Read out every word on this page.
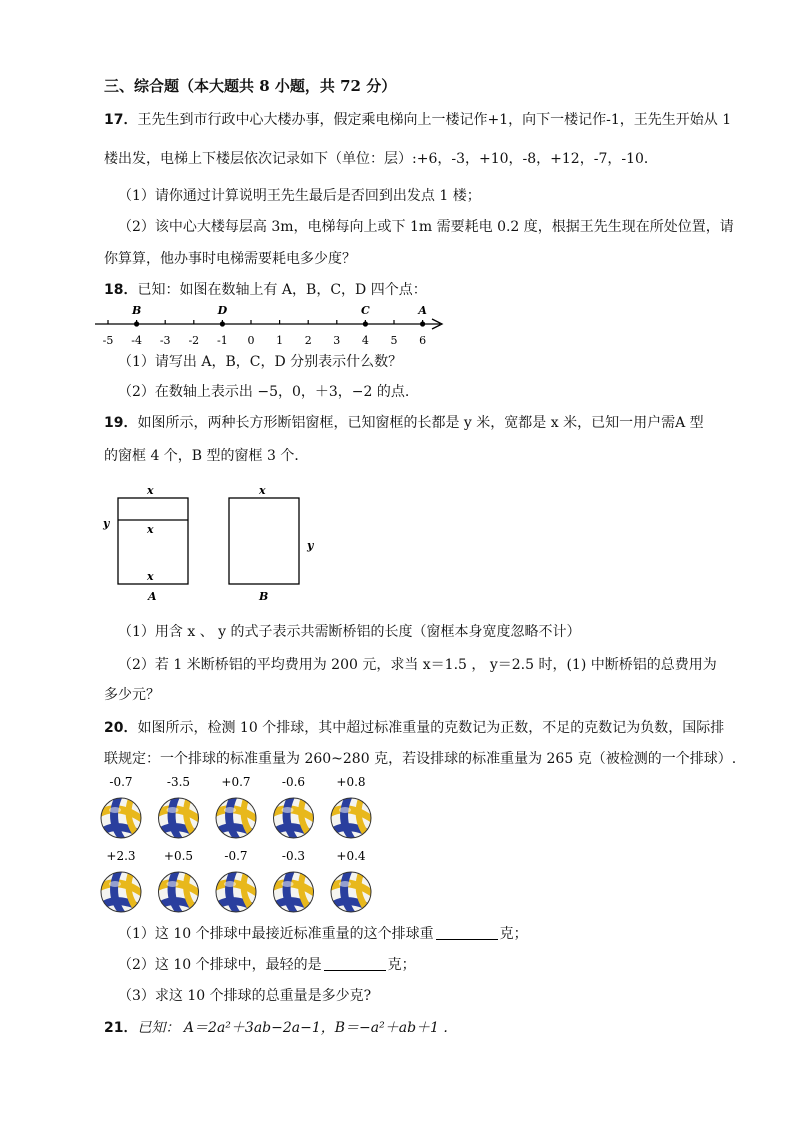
三、综合题（本大题共 8 小题，共 72 分）
17．王先生到市行政中心大楼办事，假定乘电梯向上一楼记作+1，向下一楼记作-1，王先生开始从 1
楼出发，电梯上下楼层依次记录如下（单位：层）:+6，-3，+10，-8，+12，-7，-10．
（1）请你通过计算说明王先生最后是否回到出发点 1 楼；
（2）该中心大楼每层高 3m，电梯每向上或下 1m 需要耗电 0.2 度，根据王先生现在所处位置，请
你算算，他办事时电梯需要耗电多少度？
18．已知：如图在数轴上有 A，B，C，D 四个点：
-5 -4 -3 -2 -1 0 1 2 3 4 5 6
B	D	C	A
（1）请写出 A，B，C，D 分别表示什么数？
（2）在数轴上表示出 −5，0，＋3，−2 的点.
19．如图所示，两种长方形断铝窗框，已知窗框的长都是 y 米，宽都是 x 米，已知一用户需A 型
的窗框 4 个，B 型的窗框 3 个．
x
x
x
y
A
x
y
B
（1）用含 x 、 y 的式子表示共需断桥铝的长度（窗框本身宽度忽略不计）
（2）若 1 米断桥铝的平均费用为 200 元，求当 x＝1.5 ， y＝2.5 时，(1) 中断桥铝的总费用为
多少元？
20．如图所示，检测 10 个排球，其中超过标准重量的克数记为正数，不足的克数记为负数，国际排
联规定：一个排球的标准重量为 260~280 克，若设排球的标准重量为 265 克（被检测的一个排球）.
-0.7	-3.5	+0.7	-0.6	+0.8
+2.3 +0.5	-0.7	-0.3	+0.4
（1）这 10 个排球中最接近标准重量的这个排球重	克；
（2）这 10 个排球中，最轻的是	克；
（3）求这 10 个排球的总重量是多少克?
21．已知： A＝2a²＋3ab−2a−1，B＝−a²＋ab＋1 .
